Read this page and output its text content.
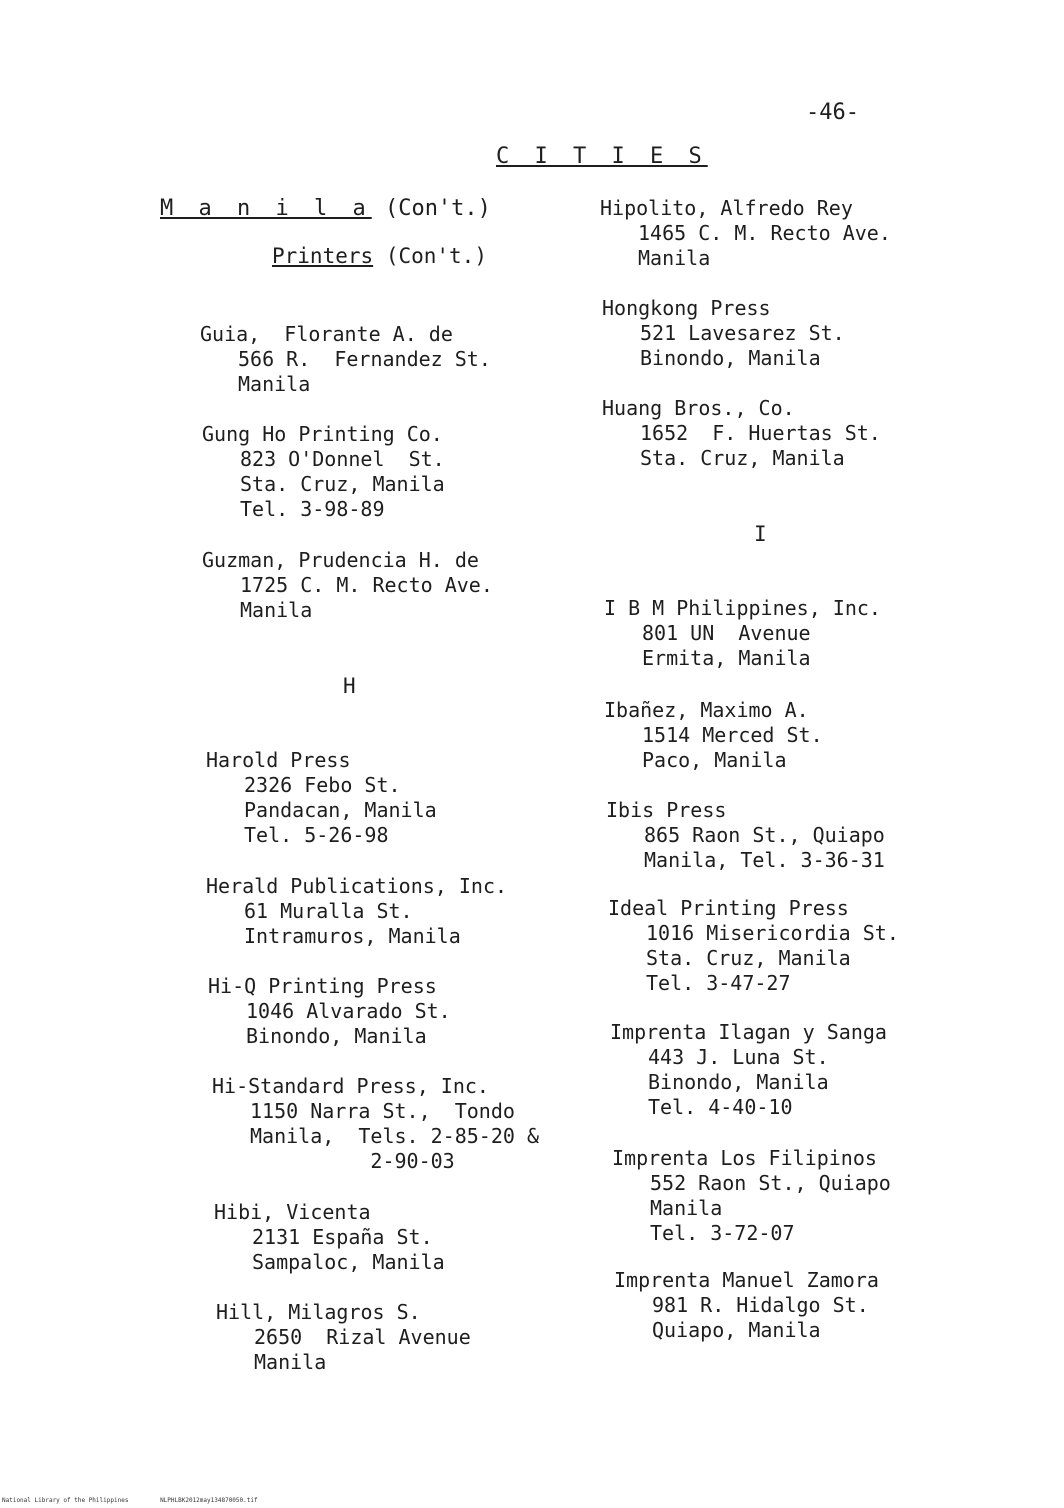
-46-
C I T I E S
M a n i l a (Con't.)
Printers (Con't.)
Guia,  Florante A. de
566 R.  Fernandez St.
Manila
Gung Ho Printing Co.
823 O'Donnel  St.
Sta. Cruz, Manila
Tel. 3-98-89
Guzman, Prudencia H. de
1725 C. M. Recto Ave.
Manila
H
Harold Press
2326 Febo St.
Pandacan, Manila
Tel. 5-26-98
Herald Publications, Inc.
61 Muralla St.
Intramuros, Manila
Hi-Q Printing Press
1046 Alvarado St.
Binondo, Manila
Hi-Standard Press, Inc.
1150 Narra St.,  Tondo
Manila,  Tels. 2-85-20 &
2-90-03
Hibi, Vicenta
2131 España St.
Sampaloc, Manila
Hill, Milagros S.
2650  Rizal Avenue
Manila
Hipolito, Alfredo Rey
1465 C. M. Recto Ave.
Manila
Hongkong Press
521 Lavesarez St.
Binondo, Manila
Huang Bros., Co.
1652  F. Huertas St.
Sta. Cruz, Manila
I
I B M Philippines, Inc.
801 UN  Avenue
Ermita, Manila
Ibañez, Maximo A.
1514 Merced St.
Paco, Manila
Ibis Press
865 Raon St., Quiapo
Manila, Tel. 3-36-31
Ideal Printing Press
1016 Misericordia St.
Sta. Cruz, Manila
Tel. 3-47-27
Imprenta Ilagan y Sanga
443 J. Luna St.
Binondo, Manila
Tel. 4-40-10
Imprenta Los Filipinos
552 Raon St., Quiapo
Manila
Tel. 3-72-07
Imprenta Manuel Zamora
981 R. Hidalgo St.
Quiapo, Manila
National Library of the Philippines	NLPHLBK2012may134870050.tif
